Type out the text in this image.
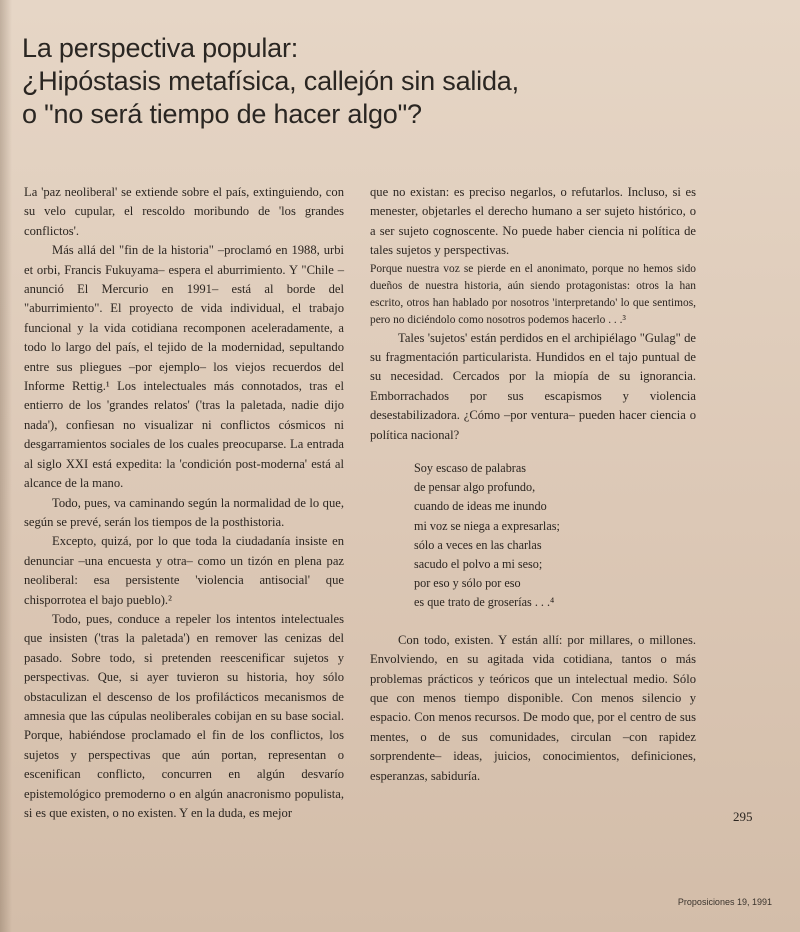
La perspectiva popular:
¿Hipóstasis metafísica, callejón sin salida,
o "no será tiempo de hacer algo"?

La 'paz neoliberal' se extiende sobre el país, extinguiendo, con su velo cupular, el rescoldo moribundo de 'los grandes conflictos'.

Más allá del "fin de la historia" –proclamó en 1988, urbi et orbi, Francis Fukuyama– espera el aburrimiento. Y "Chile –anunció El Mercurio en 1991– está al borde del "aburrimiento". El proyecto de vida individual, el trabajo funcional y la vida cotidiana recomponen aceleradamente, a todo lo largo del país, el tejido de la modernidad, sepultando entre sus pliegues –por ejemplo– los viejos recuerdos del Informe Rettig.¹ Los intelectuales más connotados, tras el entierro de los 'grandes relatos' ('tras la paletada, nadie dijo nada'), confiesan no visualizar ni conflictos cósmicos ni desgarramientos sociales de los cuales preocuparse. La entrada al siglo XXI está expedita: la 'condición post-moderna' está al alcance de la mano.

Todo, pues, va caminando según la normalidad de lo que, según se prevé, serán los tiempos de la posthistoria.

Excepto, quizá, por lo que toda la ciudadanía insiste en denunciar –una encuesta y otra– como un tizón en plena paz neoliberal: esa persistente 'violencia antisocial' que chisporrotea el bajo pueblo).²

Todo, pues, conduce a repeler los intentos intelectuales que insisten ('tras la paletada') en remover las cenizas del pasado. Sobre todo, si pretenden reescenificar sujetos y perspectivas. Que, si ayer tuvieron su historia, hoy sólo obstaculizan el descenso de los profilácticos mecanismos de amnesia que las cúpulas neoliberales cobijan en su base social. Porque, habiéndose proclamado el fin de los conflictos, los sujetos y perspectivas que aún portan, representan o escenifican conflicto, concurren en algún desvarío epistemológico premoderno o en algún anacronismo populista, si es que existen, o no existen. Y en la duda, es mejor

que no existan: es preciso negarlos, o refutarlos. Incluso, si es menester, objetarles el derecho humano a ser sujeto histórico, o a ser sujeto cognoscente. No puede haber ciencia ni política de tales sujetos y perspectivas.

Porque nuestra voz se pierde en el anonimato, porque no hemos sido dueños de nuestra historia, aún siendo protagonistas: otros la han escrito, otros han hablado por nosotros 'interpretando' lo que sentimos, pero no diciéndolo como nosotros podemos hacerlo . . .³

Tales 'sujetos' están perdidos en el archipiélago "Gulag" de su fragmentación particularista. Hundidos en el tajo puntual de su necesidad. Cercados por la miopía de su ignorancia. Emborrachados por sus escapismos y violencia desestabilizadora. ¿Cómo –por ventura– pueden hacer ciencia o política nacional?

Soy escaso de palabras
de pensar algo profundo,
cuando de ideas me inundo
mi voz se niega a expresarlas;
sólo a veces en las charlas
sacudo el polvo a mi seso;
por eso y sólo por eso
es que trato de groserías . . .⁴

Con todo, existen. Y están allí: por millares, o millones. Envolviendo, en su agitada vida cotidiana, tantos o más problemas prácticos y teóricos que un intelectual medio. Sólo que con menos tiempo disponible. Con menos silencio y espacio. Con menos recursos. De modo que, por el centro de sus mentes, o de sus comunidades, circulan –con rapidez sorprendente– ideas, juicios, conocimientos, definiciones, esperanzas, sabiduría.

295
Proposiciones 19, 1991
